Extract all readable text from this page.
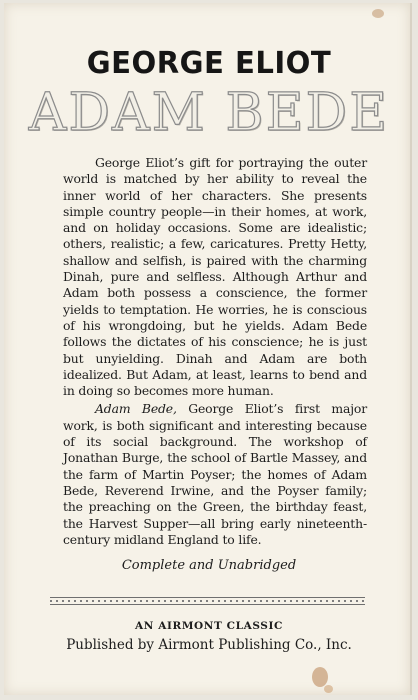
GEORGE ELIOT
ADAM BEDE

George Eliot’s gift for portraying the outer world is matched by her ability to reveal the inner world of her characters. She presents simple country people—in their homes, at work, and on holiday occasions. Some are idealistic; others, realistic; a few, caricatures. Pretty Hetty, shallow and selfish, is paired with the charming Dinah, pure and selfless. Although Arthur and Adam both possess a conscience, the former yields to temptation. He worries, he is conscious of his wrongdoing, but he yields. Adam Bede follows the dictates of his conscience; he is just but unyielding. Dinah and Adam are both idealized. But Adam, at least, learns to bend and in doing so becomes more human.

Adam Bede, George Eliot’s first major work, is both significant and interesting because of its social background. The workshop of Jonathan Burge, the school of Bartle Massey, and the farm of Martin Poyser; the homes of Adam Bede, Reverend Irwine, and the Poyser family; the preaching on the Green, the birthday feast, the Harvest Supper—all bring early nineteenth-century midland England to life.

Complete and Unabridged
AN AIRMONT CLASSIC
Published by Airmont Publishing Co., Inc.
